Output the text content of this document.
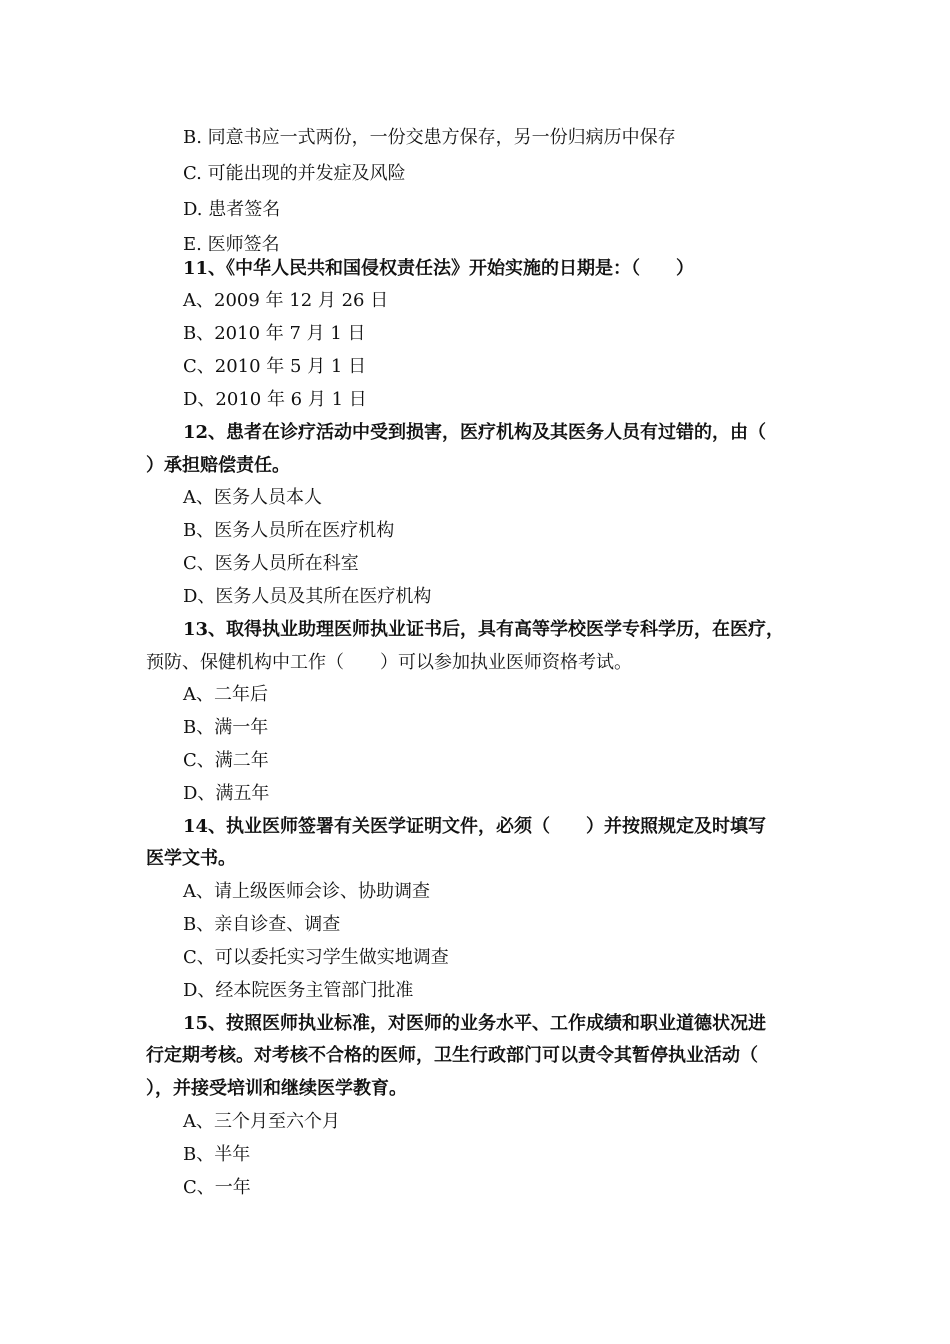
B. 同意书应一式两份，一份交患方保存，另一份归病历中保存
C. 可能出现的并发症及风险
D. 患者签名
E. 医师签名
11、《中华人民共和国侵权责任法》开始实施的日期是：（　　）
A、2009 年 12 月 26 日
B、2010 年 7 月 1 日
C、2010 年 5 月 1 日
D、2010 年 6 月 1 日
12、患者在诊疗活动中受到损害，医疗机构及其医务人员有过错的，由（
）承担赔偿责任。
A、医务人员本人
B、医务人员所在医疗机构
C、医务人员所在科室
D、医务人员及其所在医疗机构
13、取得执业助理医师执业证书后，具有高等学校医学专科学历，在医疗，
预防、保健机构中工作（　　）可以参加执业医师资格考试。
A、二年后
B、满一年
C、满二年
D、满五年
14、执业医师签署有关医学证明文件，必须（　　）并按照规定及时填写
医学文书。
A、请上级医师会诊、协助调查
B、亲自诊查、调查
C、可以委托实习学生做实地调查
D、经本院医务主管部门批准
15、按照医师执业标准，对医师的业务水平、工作成绩和职业道德状况进
行定期考核。对考核不合格的医师，卫生行政部门可以责令其暂停执业活动（
），并接受培训和继续医学教育。
A、三个月至六个月
B、半年
C、一年
